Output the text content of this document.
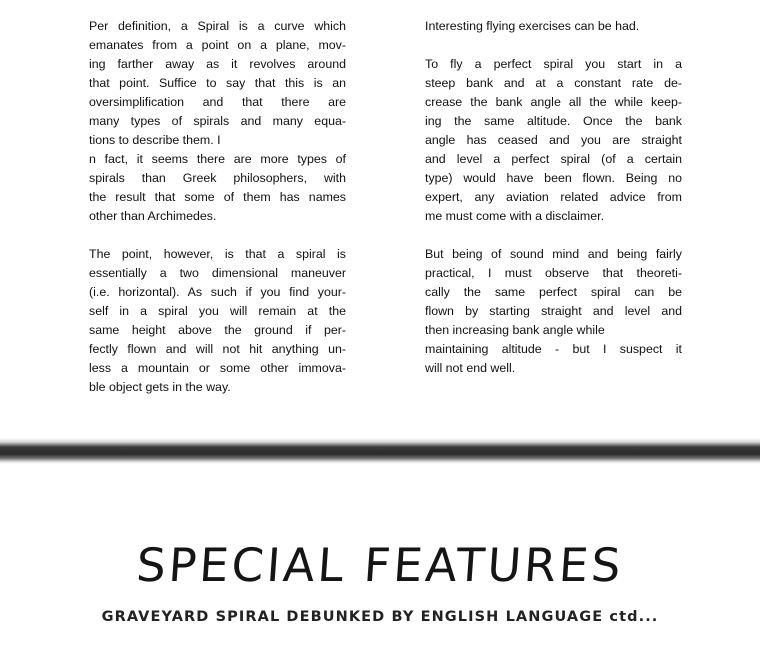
Per definition, a Spiral is a curve which
emanates from a point on a plane, mov-
ing farther away as it revolves around
that point. Suffice to say that this is an
oversimplification and that there are
many types of spirals and many equa-
tions to describe them. I
n fact, it seems there are more types of
spirals than Greek philosophers, with
the result that some of them has names
other than Archimedes.
The point, however, is that a spiral is
essentially a two dimensional maneuver
(i.e. horizontal). As such if you find your-
self in a spiral you will remain at the
same height above the ground if per-
fectly flown and will not hit anything un-
less a mountain or some other immova-
ble object gets in the way.
Interesting flying exercises can be had.
To fly a perfect spiral you start in a
steep bank and at a constant rate de-
crease the bank angle all the while keep-
ing the same altitude. Once the bank
angle has ceased and you are straight
and level a perfect spiral (of a certain
type) would have been flown. Being no
expert, any aviation related advice from
me must come with a disclaimer.
But being of sound mind and being fairly
practical, I must observe that theoreti-
cally the same perfect spiral can be
flown by starting straight and level and
then increasing bank angle while
maintaining altitude - but I suspect it
will not end well.
SPECIAL FEATURES
GRAVEYARD SPIRAL DEBUNKED BY ENGLISH LANGUAGE ctd...
